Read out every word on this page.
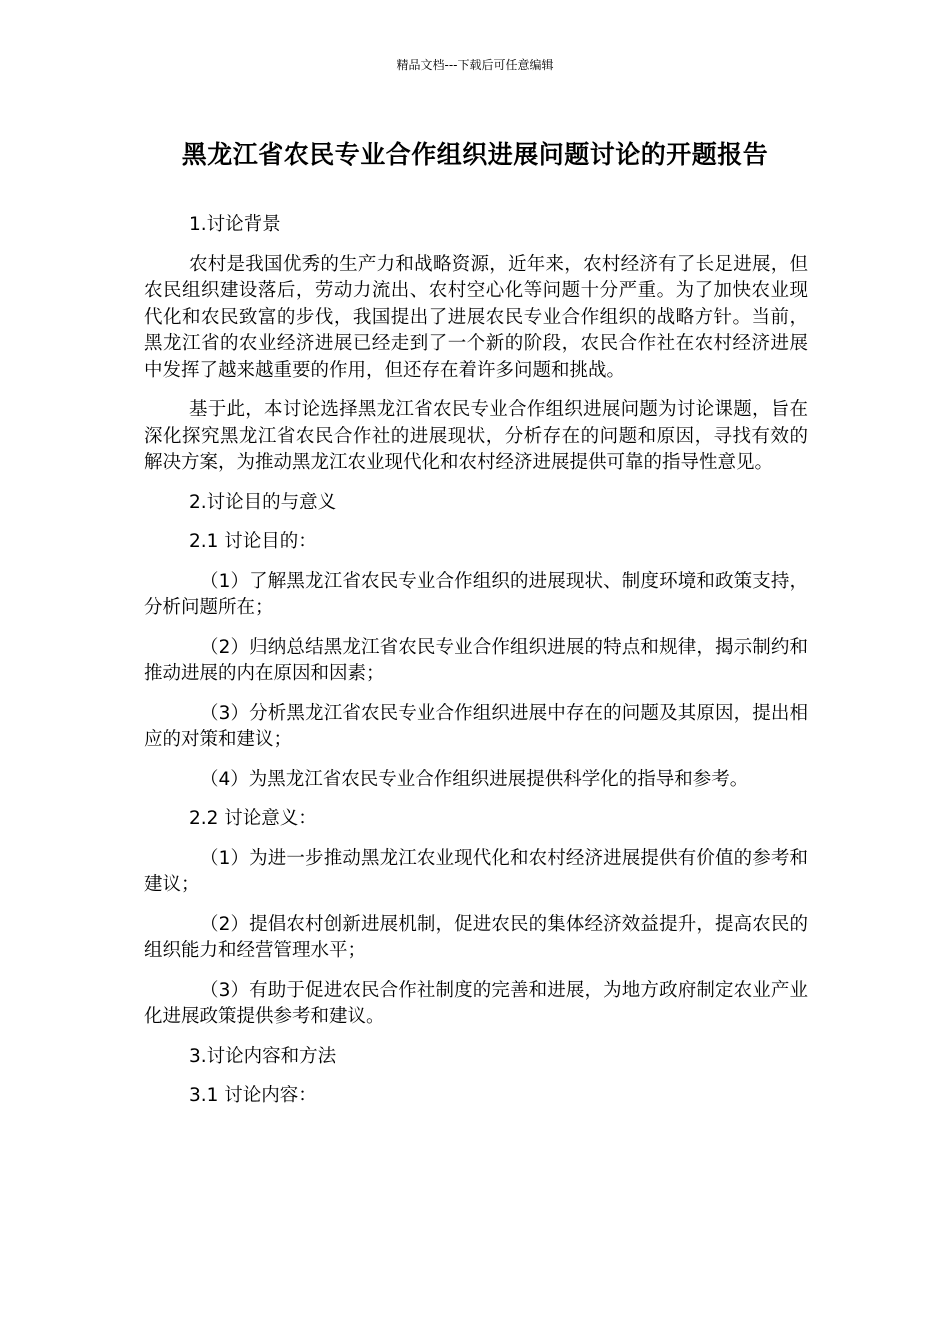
精品文档---下载后可任意编辑
黑龙江省农民专业合作组织进展问题讨论的开题报告

1.讨论背景

农村是我国优秀的生产力和战略资源，近年来，农村经济有了长足进展，但农民组织建设落后，劳动力流出、农村空心化等问题十分严重。为了加快农业现代化和农民致富的步伐，我国提出了进展农民专业合作组织的战略方针。当前，黑龙江省的农业经济进展已经走到了一个新的阶段，农民合作社在农村经济进展中发挥了越来越重要的作用，但还存在着许多问题和挑战。

基于此，本讨论选择黑龙江省农民专业合作组织进展问题为讨论课题，旨在深化探究黑龙江省农民合作社的进展现状，分析存在的问题和原因，寻找有效的解决方案，为推动黑龙江农业现代化和农村经济进展提供可靠的指导性意见。

2.讨论目的与意义

2.1 讨论目的：

（1）了解黑龙江省农民专业合作组织的进展现状、制度环境和政策支持，分析问题所在；

（2）归纳总结黑龙江省农民专业合作组织进展的特点和规律，揭示制约和推动进展的内在原因和因素；

（3）分析黑龙江省农民专业合作组织进展中存在的问题及其原因，提出相应的对策和建议；

（4）为黑龙江省农民专业合作组织进展提供科学化的指导和参考。

2.2 讨论意义：

（1）为进一步推动黑龙江农业现代化和农村经济进展提供有价值的参考和建议；

（2）提倡农村创新进展机制，促进农民的集体经济效益提升，提高农民的组织能力和经营管理水平；

（3）有助于促进农民合作社制度的完善和进展，为地方政府制定农业产业化进展政策提供参考和建议。

3.讨论内容和方法

3.1 讨论内容：
